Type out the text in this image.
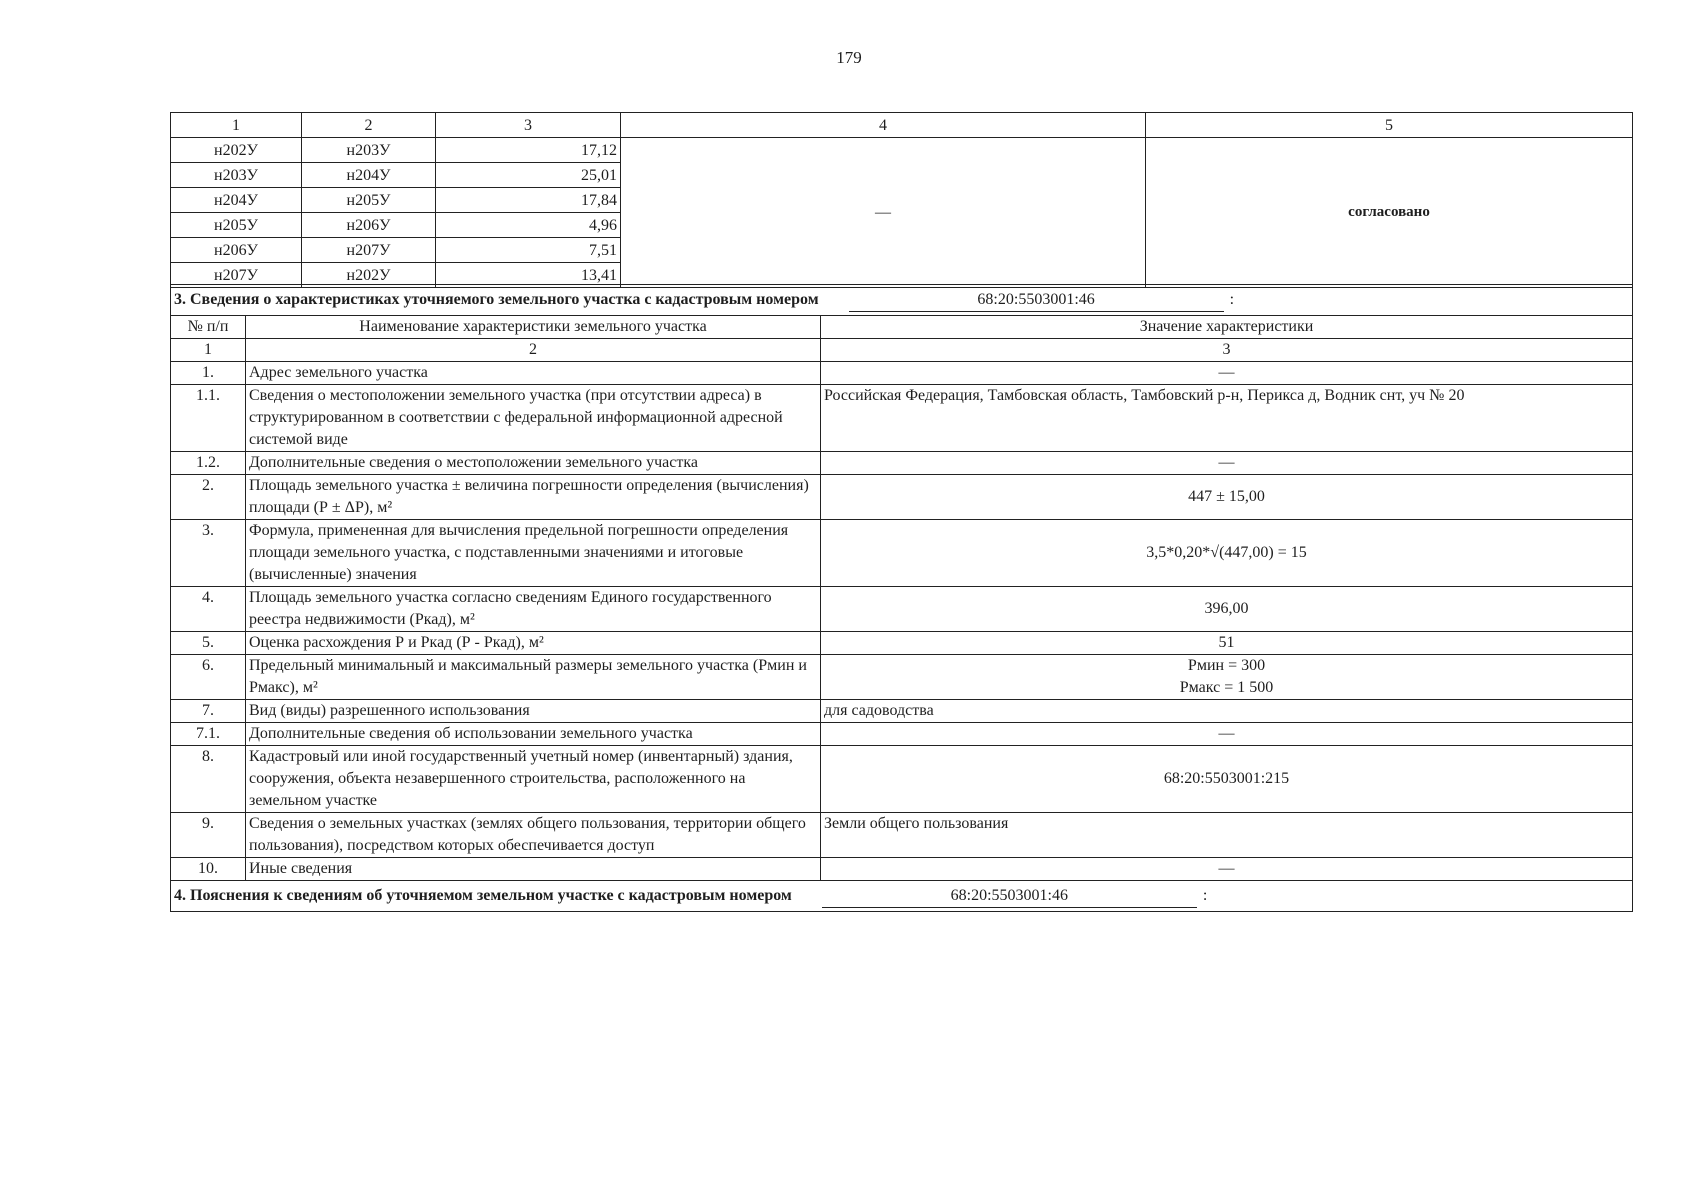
179
1	2	3	4	5
н202У	н203У	17,12	—	согласовано
н203У	н204У	25,01		
н204У	н205У	17,84		
н205У	н206У	4,96		
н206У	н207У	7,51		
н207У	н202У	13,41		
3. Сведения о характеристиках уточняемого земельного участка с кадастровым номером 68:20:5503001:46 :		
№ п/п	Наименование характеристики земельного участка	Значение характеристики
1	2	3
1.	Адрес земельного участка	—
1.1.	Сведения о местоположении земельного участка (при отсутствии адреса) в структурированном в соответствии с федеральной информационной адресной системой виде	Российская Федерация, Тамбовская область, Тамбовский р-н, Перикса д, Водник снт, уч № 20
1.2.	Дополнительные сведения о местоположении земельного участка	—
2.	Площадь земельного участка ± величина погрешности определения (вычисления) площади (Р ± ΔР), м²	447 ± 15,00
3.	Формула, примененная для вычисления предельной погрешности определения площади земельного участка, с подставленными значениями и итоговые (вычисленные) значения	3,5*0,20*√(447,00) = 15
4.	Площадь земельного участка согласно сведениям Единого государственного реестра недвижимости (Ркад), м²	396,00
5.	Оценка расхождения Р и Ркад (Р - Ркад), м²	51
6.	Предельный минимальный и максимальный размеры земельного участка (Рмин и Рмакс), м²	Рмин = 300
Рмакс = 1 500

7.	Вид (виды) разрешенного использования	для садоводства
7.1.	Дополнительные сведения об использовании земельного участка	—
8.	Кадастровый или иной государственный учетный номер (инвентарный) здания, сооружения, объекта незавершенного строительства, расположенного на земельном участке	68:20:5503001:215
9.	Сведения о земельных участках (землях общего пользования, территории общего пользования), посредством которых обеспечивается доступ	Земли общего пользования
10.	Иные сведения	—
4. Пояснения к сведениям об уточняемом земельном участке с кадастровым номером 68:20:5503001:46 :		
